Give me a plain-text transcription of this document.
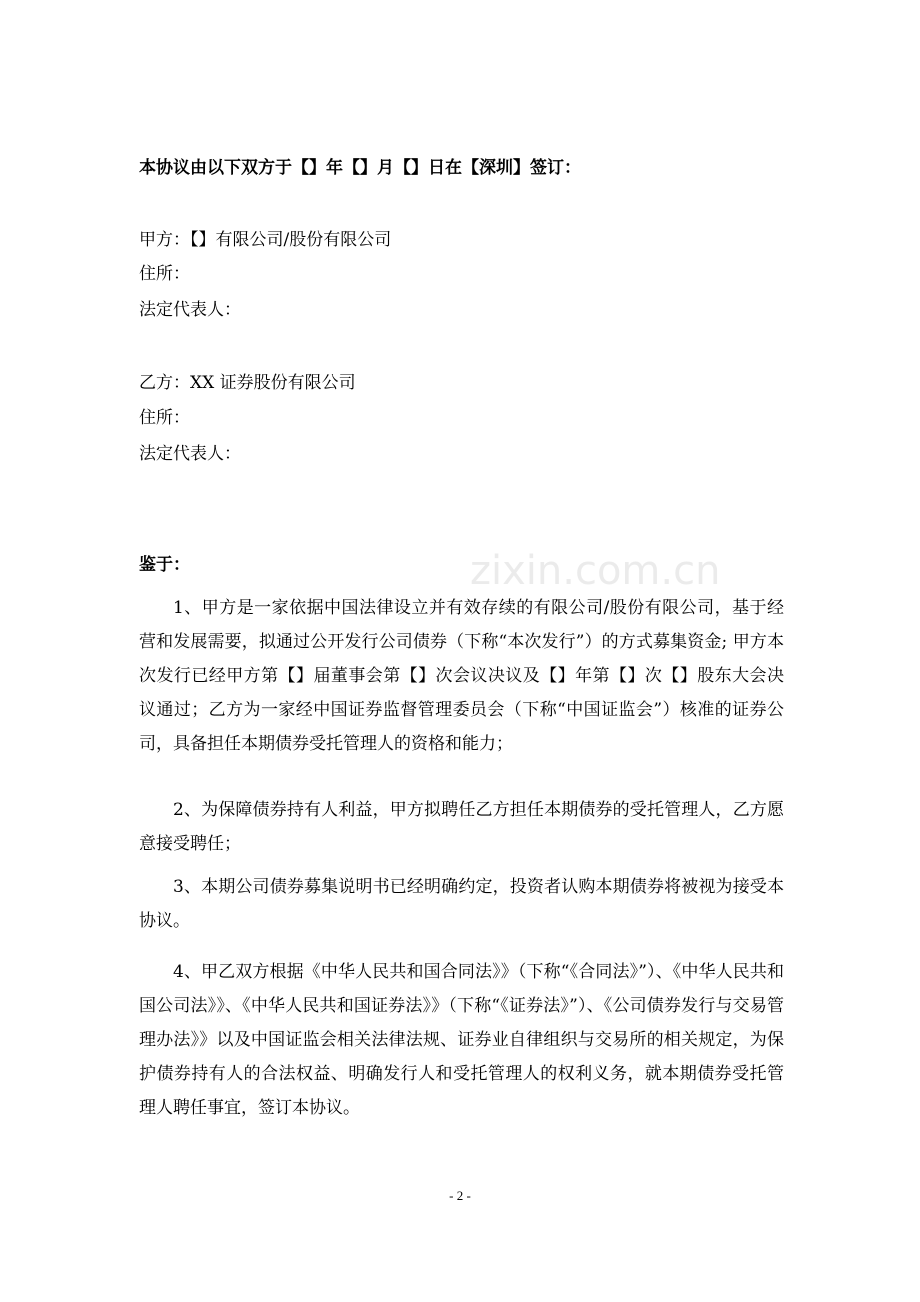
本协议由以下双方于【】年【】月【】日在【深圳】签订：
甲方：【】有限公司/股份有限公司
住所：
法定代表人：
乙方：XX 证券股份有限公司
住所：
法定代表人：
鉴于：
1、甲方是一家依据中国法律设立并有效存续的有限公司/股份有限公司，基于经营和发展需要，拟通过公开发行公司债券（下称“本次发行”）的方式募集资金; 甲方本次发行已经甲方第【】届董事会第【】次会议决议及【】年第【】次【】股东大会决议通过；乙方为一家经中国证券监督管理委员会（下称“中国证监会”）核准的证券公司，具备担任本期债券受托管理人的资格和能力；
2、为保障债券持有人利益，甲方拟聘任乙方担任本期债券的受托管理人，乙方愿意接受聘任；
3、本期公司债券募集说明书已经明确约定，投资者认购本期债券将被视为接受本协议。
4、甲乙双方根据《中华人民共和国合同法》》（下称“《合同法》”）、《中华人民共和国公司法》》、《中华人民共和国证券法》》（下称“《证券法》”）、《公司债券发行与交易管理办法》》以及中国证监会相关法律法规、证券业自律组织与交易所的相关规定，为保护债券持有人的合法权益、明确发行人和受托管理人的权利义务，就本期债券受托管理人聘任事宜，签订本协议。
zixin.com.cn
- 2 -
